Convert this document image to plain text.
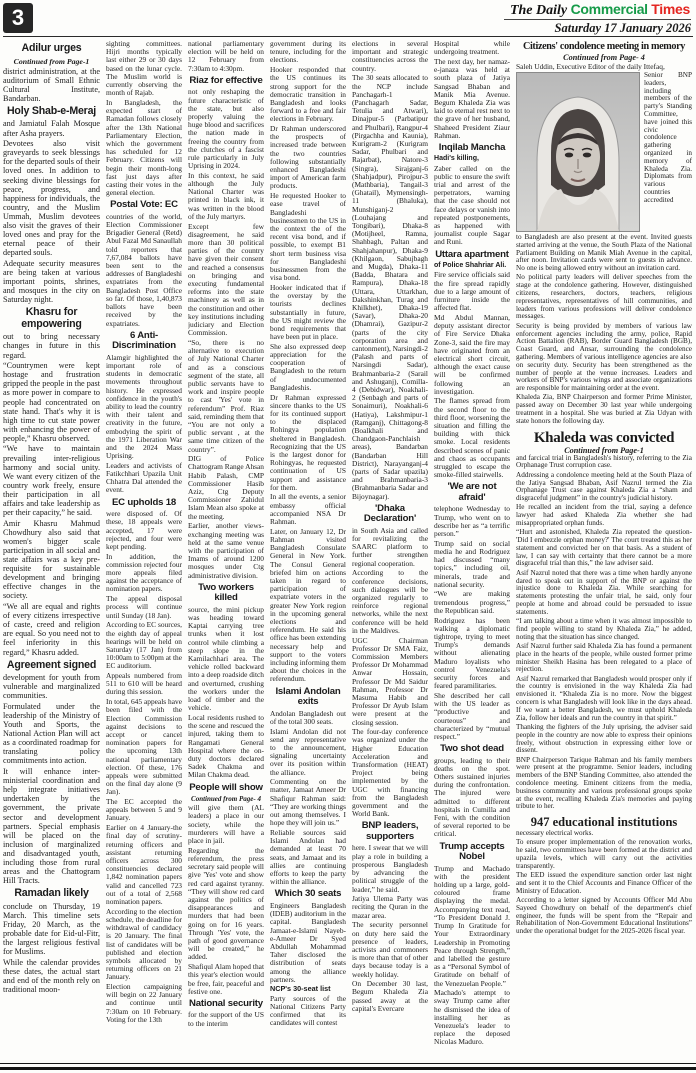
3	The Daily Commercial Times
Saturday 17 January 2026
Adilur urges
Continued from Page-1
district administration, at the auditorium of Small Ethnic Cultural Institute, Bandarban.
Holy Shab-e-Meraj
and Jamiatul Falah Mosque after Asha prayers.
Devotees also visit graveyards to seek blessings for the departed souls of their loved ones. In addition to seeking divine blessings for peace, progress, and happiness for individuals, the country, and the Muslim Ummah, Muslim devotees also visit the graves of their loved ones and pray for the eternal peace of their departed souls.
Adequate security measures are being taken at various important points, shrines, and mosques in the city on Saturday night.
Khasru for empowering
out to bring necessary changes in future in this regard.
“Countrymen were kept hostage and frustration gripped the people in the past as more power in compare to people had concentrated on state hand. That's why it is high time to cut state power with enhancing the power of people,” Khasru observed.
“We have to maintain prevailing inter-religious harmony and social unity. We want every citizen of the country work freely, ensure their participation in all affairs and take leadership as per their capacity,” he said.
Amir Khasru Mahmud Chowdhury also said that women's bigger scale participation in all social and state affairs was a key pre-requisite for sustainable development and bringing effective changes in the society.
“We all are equal and rights of every citizens irrespective of caste, creed and religion are equal. So you need not to feel inferiority in this regard,” Khasru added.
Agreement signed
development for youth from vulnerable and marginalized communities.
Formulated under the leadership of the Ministry of Youth and Sports, the National Action Plan will act as a coordinated roadmap for translating policy commitments into action.
It will enhance inter-ministerial coordination and help integrate initiatives undertaken by the government, the private sector and development partners. Special emphasis will be placed on the inclusion of marginalized and disadvantaged youth, including those from rural areas and the Chattogram Hill Tracts.
Ramadan likely
conclude on Thursday, 19 March. This timeline sets Friday, 20 March, as the probable date for Eid-ul-Fitr, the largest religious festival for Muslims.
While the calendar provides these dates, the actual start and end of the month rely on traditional moon-
sighting committees. Hijri months typically last either 29 or 30 days based on the lunar cycle. The Muslim world is currently observing the month of Rajab.
In Bangladesh, the expected start of Ramadan follows closely after the 13th National Parliamentary Election, which the government has scheduled for 12 February. Citizens will begin their month-long fast just days after casting their votes in the general election.
Postal Vote: EC
countries of the world, Election Commissioner Brigadier General (Retd) Abul Fazal Md Sanaullah told reporters that 7,67,084 ballots have been sent to the addresses of Bangladeshi expatriates from the Bangladesh Post Office so far. Of those, 1,40,873 ballots have been received by the expatriates.
6 Anti-Discrimination
Alamgir highlighted the important role of students in democratic movements throughout history. He expressed confidence in the youth's ability to lead the country with their talent and creativity in the future, embodying the spirit of the 1971 Liberation War and the 2024 Mass Uprising.
Leaders and activists of Fatikchhari Upazila Unit Chhatra Dal attended the event.
EC upholds 18
were disposed of. Of these, 18 appeals were accepted, 17 were rejected, and four were kept pending.
In addition, the commission rejected four more appeals filed against the acceptance of nomination papers.
The appeal disposal process will continue until Sunday (18 Jan).
According to EC sources, the eighth day of appeal hearings will be held on Saturday (17 Jan) from 10:00am to 5:00pm at the EC auditorium.
Appeals numbered from 511 to 610 will be heard during this session.
In total, 645 appeals have been filed with the Election Commission against decisions to accept or cancel nomination papers for the upcoming 13th national parliamentary election. Of these, 176 appeals were submitted on the final day alone (9 Jan).
The EC accepted the appeals between 5 and 9 January.
Earlier on 4 January-the final day of scrutiny-returning officers and assistant returning officers across 300 constituencies declared 1,842 nomination papers valid and cancelled 723 out of a total of 2,568 nomination papers.
According to the election schedule, the deadline for withdrawal of candidacy is 20 January. The final list of candidates will be published and election symbols allocated by returning officers on 21 January.
Election campaigning will begin on 22 January and continue until 7:30am on 10 February. Voting for the 13th
national parliamentary election will be held on 12 February from 7:30am to 4:30pm.
Riaz for effective
not only reshaping the future characteristic of the state, but also properly valuing the huge blood and sacrifices the nation made in freeing the country from the clutches of a fascist rule particularly in July Uprising in 2024.
In this context, he said although the July National Charter was printed in black ink, it was written in the blood of the July martyrs.
Except few disagreement, he said more than 30 political parties of the country have given their consent and reached a consensus on bringing and executing fundamental reforms into the state machinery as well as in the constitution and other key institutions including judiciary and Election Commission.
“So, there is no alternative to execution of July National Charter and as a conscious segment of the state, all public servants have to work and inspire people to cast 'Yes' vote in referendum” Prof. Riaz said, reminding them that “You are not only a public servant , at the same time citizen of the country”.
DIG of Police Chattogram Range Ahsan Habib Palash, CMP Commissioner Hasib Aziz, Ctg Deputy Commissioner Zahidul Islam Mean also spoke at the meeting.
Earlier, another views-exchanging meeting was held at the same venue with the participation of Imams of around 1200 mosques under Ctg administrative division.
Two workers killed
source, the mini pickup was heading toward Kaptai carrying tree trunks when it lost control while climbing a steep slope in the Kamilachhari area. The vehicle rolled backward into a deep roadside ditch and overturned, crushing the workers under the load of timber and the vehicle.
Local residents rushed to the scene and rescued the injured, taking them to Rangamati General Hospital where the on-duty doctors declared Sadek Chakma and Milan Chakma dead.
People will show
Continued from Page- 4
will give them (AL leaders) a place in our society, while the murderers will have a place in jail.
Regarding the referendum, the press secretary said people will give 'Yes' vote and show red card against tyranny. “They will show red card against the politics of disappearances and murders that had been going on for 16 years. Through 'Yes' vote, the path of good governance will be created,” he added.
Shafiqul Alam hoped that this year's election would be free, fair, peaceful and festive one.
National security
for the support of the US to the interim
government during its tenure, including for the elections.
Hooker responded that the US continues its strong support for the democratic transition in Bangladesh and looks forward to a free and fair elections in February.
Dr Rahman underscored the prospects of increased trade between the two countries following substantially enhanced Bangladeshi import of American farm products.
He requested Hooker to ease travel of Bangladeshi businessmen to the US in the context the of the recent visa bond, and if possible, to exempt B1 short term business visa for Bangladeshi businessmen from the visa bond.
Hooker indicated that if the overstay by the tourists declines substantially in future, the US might review the bond requirements that have been put in place.
She also expressed deep appreciation for the cooperation of Bangladesh to the return of undocumented Bangladeshis.
Dr Rahman expressed sincere thanks to the US for its continued support to the displaced Rohingya population sheltered in Bangladesh. Recognizing that the US is the largest donor for Rohingyas, he requested continuation of US support and assistance for them.
In all the events, a senior embassy official accompanied NSA Dr Rahman.
Later, on January 12, Dr Rahman visited Bangladesh Consulate General in New York. The Consul General briefed him on actions taken in regard to participation of expatriate voters in the greater New York region in the upcoming general elections and referendum. He said his office has been extending necessary help and support to the voters including informing them about the choices in the referendum.
Islami Andolan exits
Andolan Bangladesh out of the total 300 seats.
Islami Andolan did not send any representative to the announcement, signaling uncertainty over its position within the alliance.
Commenting on the matter, Jamaat Ameer Dr Shafiqur Rahman said: “They are working things out among themselves. I hope they will join us.”
Reliable sources said Islami Andolan had demanded at least 70 seats, and Jamaat and its allies are continuing efforts to keep the party within the alliance.
Which 30 seats
Engineers Bangladesh (IDEB) auditorium in the capital. Bangladesh Jamaat-e-Islami Nayeb-e-Ameer Dr Syed Abdullah Mohammad Taher disclosed the distribution of seats among the alliance partners.
NCP's 30-seat list
Party sources of the National Citizens Party confirmed that its candidates will contest
elections in several important and strategic constituencies across the country.
The 30 seats allocated to the NCP include Panchagarh-1 (Panchagarh Sadar, Tetulia and Atwari), Dinajpur-5 (Parbatipur and Phulbari), Rangpur-4 (Pirgachha and Kaunia), Kurigram-2 (Kurigram Sadar, Phulbari and Rajarbat), Natore-3 (Singra), Sirajganj-6 (Shahjadpur), Pirojpur-3 (Mathbaria), Tangail-3 (Ghatail), Mymensingh-11 (Bhaluka), Munshiganj-2 (Louhajang and Tongibari), Dhaka-8 (Motijheel, Ramna, Shahbagh, Paltan and Shahjahanpur), Dhaka-9 (Khilgaon, Sabujbagh and Mugda), Dhaka-11 (Badda, Bhatara and Rampura), Dhaka-18 (Uttara, Uttarkhan, Dakshinkhan, Turag and Khilkhet), Dhaka-19 (Savar), Dhaka-20 (Dhamrai), Gazipur-2 (parts of the city corporation area and cantonment), Narsingdi-2 (Palash and parts of Narsingdi Sadar), Brahmanbaria-2 (Sarail and Ashuganj), Comilla-4 (Debidwar), Noakhali-2 (Senbagh and parts of Sonaimuri), Noakhali-6 (Hatiya), Lakshmipur-1 (Ramganj), Chittagong-8 (Boalkhali and Chandgaon-Panchlaish areas), Bandarban (Bandarban Hill District), Narayanganj-4 (parts of Sadar upazila) and Brahmanbaria-3 (Brahmanbaria Sadar and Bijoynagar).
'Dhaka Declaration'
in South Asia and called for revitalizing the SAARC platform to further strengthen regional cooperation.
According to the conference decisions, such dialogues will be organized regularly to reinforce regional networks, while the next conference will be held in the Maldives.
UGC Chairman Professor Dr SMA Faiz, Commission Members Professor Dr Mohammad Anwar Hossain, Professor Dr Md Saidur Rahman, Professor Dr Masuma Habib and Professor Dr Ayub Islam were present at the closing session.
The four-day conference was organized under the Higher Education Acceleration and Transformation (HEAT) Project being implemented by the UGC with financing from the Bangladesh government and the World Bank.
BNP leaders, supporters
here. I swear that we will play a role in building a prosperous Bangladesh by advancing the political struggle of the leader,” he said.
Jatiya Ulema Party was reciting the Quran in the mazar area.
The security personnel on duty here said the presence of leaders, activists and commoners is more than that of other days because today is a weekly holiday.
On December 30 last, Begum Khaleda Zia passed away at the capital's Evercare
Hospital while undergoing treatment.
The next day, her namaz-e-janaza was held at south plaza of Jatiya Sangsad Bhaban and Manik Mia Avenue. Begum Khaleda Zia was laid to eternal rest next to the grave of her husband, Shaheed President Ziaur Rahman.
Inqilab Mancha
Hadi's killing,
Zaber called on the public to ensure the swift trial and arrest of the perpetrators, warning that the case should not face delays or vanish into repeated postponements, as happened with journalist couple Sagar and Runi.
Uttara apartment
of Police Shahriar Ali.
Fire service officials said the fire spread rapidly due to a large amount of furniture inside the affected flat.
Md Abdul Mannan, deputy assistant director of Fire Service Dhaka Zone-3, said the fire may have originated from an electrical short circuit, although the exact cause will be confirmed following an investigation.
The flames spread from the second floor to the third floor, worsening the situation and filling the building with thick smoke. Local residents described scenes of panic and chaos as occupants struggled to escape the smoke-filled stairwells.
'We are not afraid'
telephone Wednesday to Trump, who went on to describe her as “a terrific person.”
Trump said on social media he and Rodriguez had discussed “many topics,” including oil, minerals, trade and national security.
“We are making tremendous progress,” the Republican said.
Rodriguez has been walking a diplomatic tightrope, trying to meet Trump's demands without alienating Maduro loyalists who control Venezuela's security forces and feared paramilitaries.
She described her call with the US leader as “productive and courteous” and characterized by “mutual respect.”
Two shot dead
groups, leading to their deaths on the spot. Others sustained injuries during the confrontation. The injured were admitted to different hospitals in Cumilla and Feni, with the condition of several reported to be critical.
Trump accepts Nobel
Trump and Machado with the president holding up a large, gold-coloured frame displaying the medal. Accompanying text read, “To President Donald J. Trump In Gratitude for Your Extraordinary Leadership in Promoting Peace through Strength,” and labelled the gesture as a “Personal Symbol of Gratitude on behalf of the Venezuelan People.”
Machado's attempt to sway Trump came after he dismissed the idea of installing her as Venezuela's leader to replace the deposed Nicolas Maduro.
Citizens' condolence meeting in memory
Continued from Page- 4
Saleh Uddin, Executive Editor of the daily Ittefaq,
Senior BNP leaders, including members of the party's Standing Committee, have joined this civic condolence gathering organized in memory of Khaleda Zia. Diplomats from various countries accredited
to Bangladesh are also present at the event. Invited guests started arriving at the venue, the South Plaza of the National Parliament Building on Manik Miah Avenue in the capital, after noon. Invitation cards were sent to guests in advance. No one is being allowed entry without an invitation card.
No political party leaders will deliver speeches from the stage at the condolence gathering. However, distinguished citizens, researchers, doctors, teachers, religious representatives, representatives of hill communities, and leaders from various professions will deliver condolence messages.
Security is being provided by members of various law enforcement agencies including the army, police, Rapid Action Battalion (RAB), Border Guard Bangladesh (BGB), Coast Guard, and Ansar, surrounding the condolence gathering. Members of various intelligence agencies are also on security duty. Security has been strengthened as the number of people at the venue increases. Leaders and workers of BNP's various wings and associate organizations are responsible for maintaining order at the event.
Khaleda Zia, BNP Chairperson and former Prime Minister, passed away on December 30 last year while undergoing treatment in a hospital. She was buried at Zia Udyan with state honors the following day.
Khaleda was convicted
Continued from Page-1
and farcical trial in Bangladesh's history, referring to the Zia Orphanage Trust corruption case.
Addressing a condolence meeting held at the South Plaza of the Jatiya Sangsad Bhaban, Asif Nazrul termed the Zia Orphanage Trust case against Khaleda Zia a “sham and disgraceful judgment” in the country's judicial history.
He recalled an incident from the trial, saying a defence lawyer had asked Khaleda Zia whether she had misappropriated orphan funds.
“Hurt and astonished, Khaleda Zia repeated the question-'Did I embezzle orphan money?' The court treated this as her statement and convicted her on that basis. As a student of law, I can say with certainty that there cannot be a more disgraceful trial than this,” the law adviser said.
Asif Nazrul noted that there was a time when hardly anyone dared to speak out in support of the BNP or against the injustice done to Khaleda Zia. While searching for statements protesting the unfair trial, he said, only four people at home and abroad could be persuaded to issue statements.
“I am talking about a time when it was almost impossible to find people willing to stand by Khaleda Zia,” he added, noting that the situation has since changed.
Asif Nazrul further said Khaleda Zia has found a permanent place in the hearts of the people, while ousted former prime minister Sheikh Hasina has been relegated to a place of rejection.
Asif Nazrul remarked that Bangladesh would prosper only if the country is envisioned in the way Khaleda Zia had envisioned it. “Khaleda Zia is no more. Now the biggest concern is what Bangladesh will look like in the days ahead. If we want a better Bangladesh, we must uphold Khaleda Zia, follow her ideals and run the country in that spirit.”
Thanking the fighters of the July uprising, the adviser said people in the country are now able to express their opinions freely, without obstruction in expressing either love or dissent.
BNP Chairperson Tarique Rahman and his family members were present at the programme. Senior leaders, including members of the BNP Standing Committee, also attended the condolence meeting. Eminent citizens from the media, business community and various professional groups spoke at the event, recalling Khaleda Zia's memories and paying tribute to her.
947 educational institutions
necessary electrical works.
To ensure proper implementation of the renovation works, he said, two committees have been formed at the district and upazila levels, which will carry out the activities transparently.
The EED issued the expenditure sanction order last night and sent it to the Chief Accounts and Finance Officer of the Ministry of Education.
According to a letter signed by Accounts Officer Md Abu Sayeed Chowdhury on behalf of the department's chief engineer, the funds will be spent from the “Repair and Rehabilitation of Non-Government Educational Institutions” under the operational budget for the 2025-2026 fiscal year.
